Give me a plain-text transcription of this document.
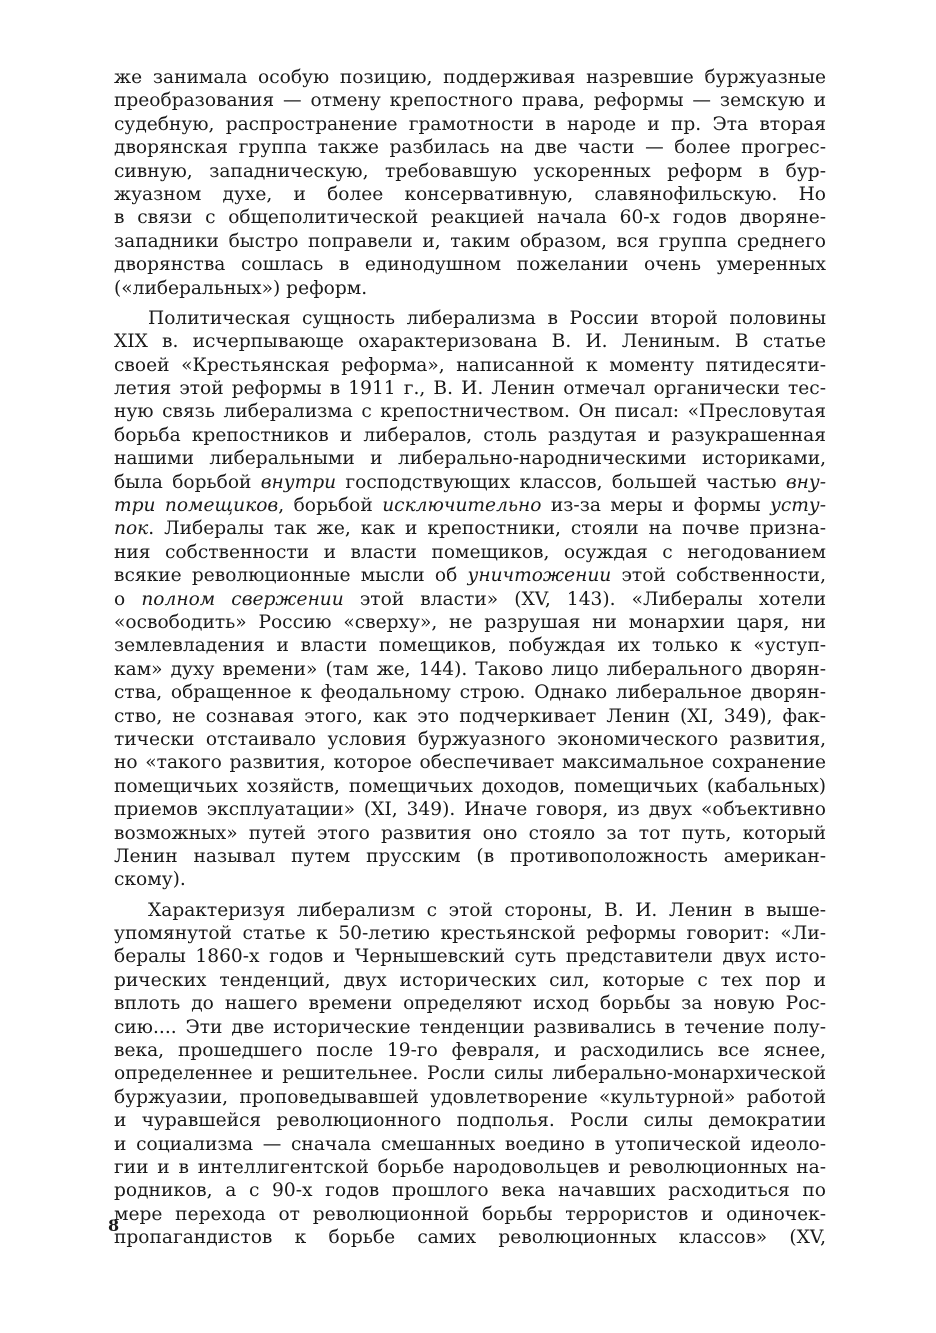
же занимала особую позицию, поддерживая назревшие буржуазные
преобразования — отмену крепостного права, реформы — земскую и
судебную, распространение грамотности в народе и пр. Эта вторая
дворянская группа также разбилась на две части — более прогрес-
сивную, западническую, требовавшую ускоренных реформ в бур-
жуазном духе, и более консервативную, славянофильскую. Но
в связи с общеполитической реакцией начала 60-х годов дворяне-
западники быстро поправели и, таким образом, вся группа среднего
дворянства сошлась в единодушном пожелании очень умеренных
(«либеральных») реформ.
Политическая сущность либерализма в России второй половины
XIX в. исчерпывающе охарактеризована В. И. Лениным. В статье
своей «Крестьянская реформа», написанной к моменту пятидесяти-
летия этой реформы в 1911 г., В. И. Ленин отмечал органически тес-
ную связь либерализма с крепостничеством. Он писал: «Пресловутая
борьба крепостников и либералов, столь раздутая и разукрашенная
нашими либеральными и либерально-народническими историками,
была борьбой внутри господствующих классов, большей частью вну-
три помещиков, борьбой исключительно из-за меры и формы усту-
пок. Либералы так же, как и крепостники, стояли на почве призна-
ния собственности и власти помещиков, осуждая с негодованием
всякие революционные мысли об уничтожении этой собственности,
о полном свержении этой власти» (XV, 143). «Либералы хотели
«освободить» Россию «сверху», не разрушая ни монархии царя, ни
землевладения и власти помещиков, побуждая их только к «уступ-
кам» духу времени» (там же, 144). Таково лицо либерального дворян-
ства, обращенное к феодальному строю. Однако либеральное дворян-
ство, не сознавая этого, как это подчеркивает Ленин (XI, 349), фак-
тически отстаивало условия буржуазного экономического развития,
но «такого развития, которое обеспечивает максимальное сохранение
помещичьих хозяйств, помещичьих доходов, помещичьих (кабальных)
приемов эксплуатации» (XI, 349). Иначе говоря, из двух «объективно
возможных» путей этого развития оно стояло за тот путь, который
Ленин называл путем прусским (в противоположность американ-
скому).
Характеризуя либерализм с этой стороны, В. И. Ленин в выше-
упомянутой статье к 50-летию крестьянской реформы говорит: «Ли-
бералы 1860-х годов и Чернышевский суть представители двух исто-
рических тенденций, двух исторических сил, которые с тех пор и
вплоть до нашего времени определяют исход борьбы за новую Рос-
сию.... Эти две исторические тенденции развивались в течение полу-
века, прошедшего после 19-го февраля, и расходились все яснее,
определеннее и решительнее. Росли силы либерально-монархической
буржуазии, проповедывавшей удовлетворение «культурной» работой
и чуравшейся революционного подполья. Росли силы демократии
и социализма — сначала смешанных воедино в утопической идеоло-
гии и в интеллигентской борьбе народовольцев и революционных на-
родников, а с 90-х годов прошлого века начавших расходиться по
мере перехода от революционной борьбы террористов и одиночек-
пропагандистов к борьбе самих революционных классов» (XV,
8
